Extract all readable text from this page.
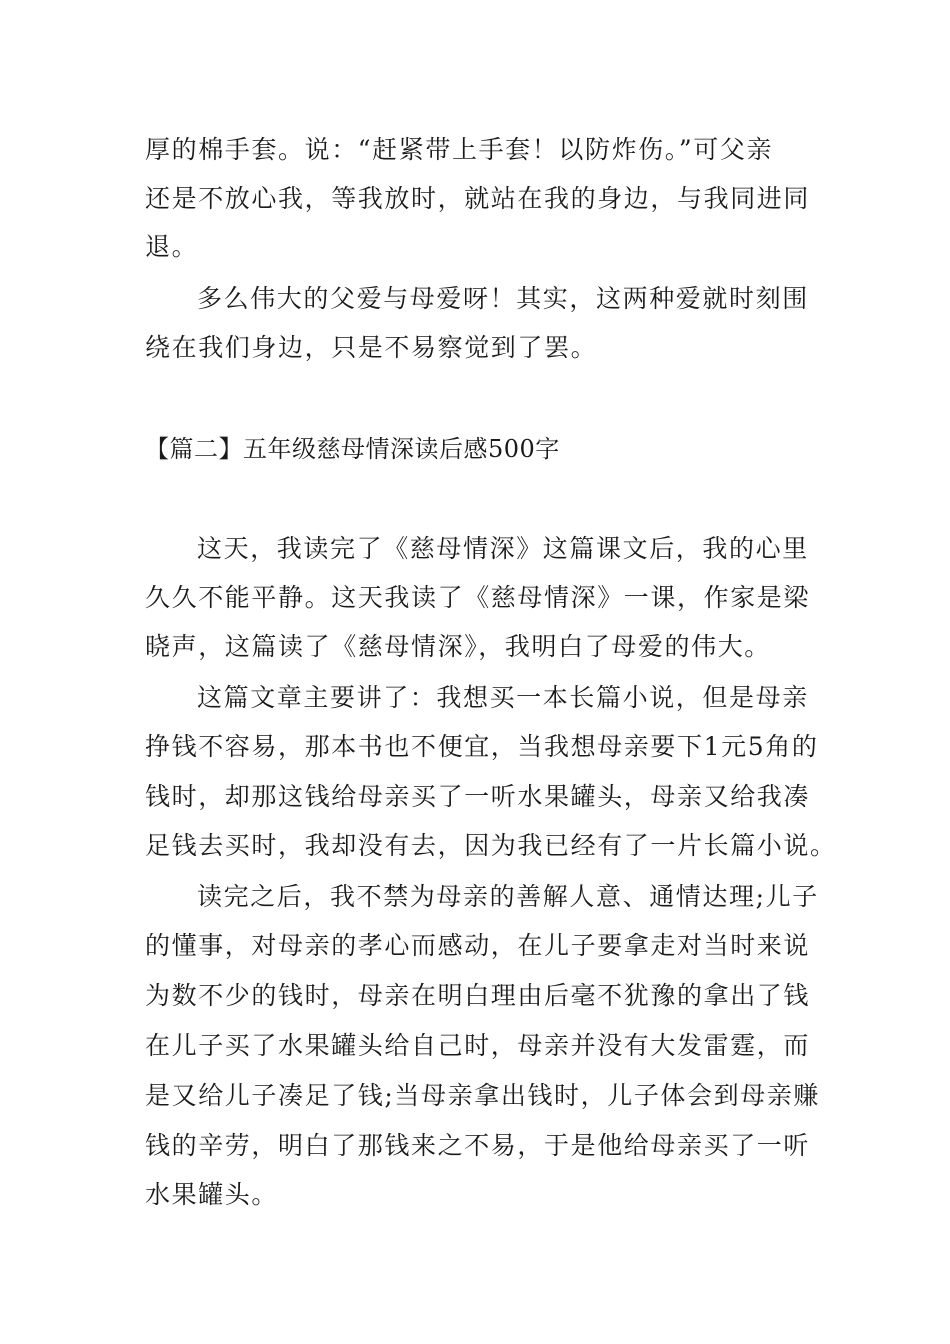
厚的棉手套。说：“赶紧带上手套！以防炸伤。”可父亲
还是不放心我，等我放时，就站在我的身边，与我同进同
退。
多么伟大的父爱与母爱呀！其实，这两种爱就时刻围
绕在我们身边，只是不易察觉到了罢。
【篇二】五年级慈母情深读后感500字
这天，我读完了《慈母情深》这篇课文后，我的心里
久久不能平静。这天我读了《慈母情深》一课，作家是梁
晓声，这篇读了《慈母情深》，我明白了母爱的伟大。
这篇文章主要讲了：我想买一本长篇小说，但是母亲
挣钱不容易，那本书也不便宜，当我想母亲要下1元5角的
钱时，却那这钱给母亲买了一听水果罐头，母亲又给我凑
足钱去买时，我却没有去，因为我已经有了一片长篇小说。
读完之后，我不禁为母亲的善解人意、通情达理;儿子
的懂事，对母亲的孝心而感动，在儿子要拿走对当时来说
为数不少的钱时，母亲在明白理由后毫不犹豫的拿出了钱
在儿子买了水果罐头给自己时，母亲并没有大发雷霆，而
是又给儿子凑足了钱;当母亲拿出钱时，儿子体会到母亲赚
钱的辛劳，明白了那钱来之不易，于是他给母亲买了一听
水果罐头。
